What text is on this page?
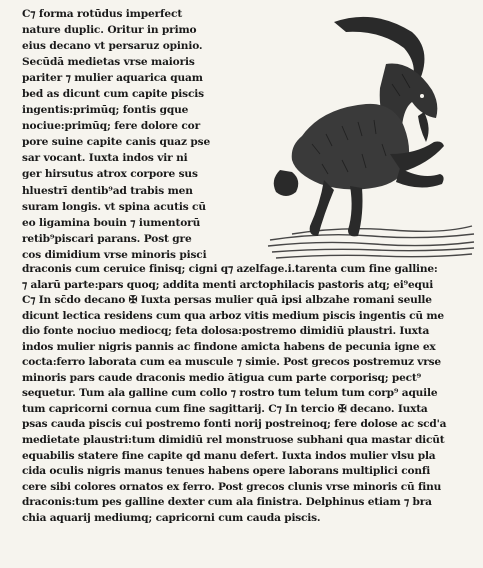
C⁊ forma rotūdus imperfect
nature duplic. Oritur in primo
eius decano vt persaruz opinio.
Secūdā medietas vrse maioris
pariter ⁊ mulier aquarica quam
bed as dicunt cum capite piscis
ingentis:primūq; fontis gque
nociue:primūq; fere dolore cor
pore suine capite canis quaz pse
sar vocant. Iuxta indos vir ni
ger hirsutus atrox corpore sus
hluestrī dentib⁹ad trabis men
suram longis. vt spina acutis cū
eo ligamina bouin ⁊ iumentorū
retib⁹piscari parans. Post gre
cos dimidium vrse minoris pisci
draconis cum ceruice finisq; cigni q⁊ azelfage.i.tarenta cum fine galline:
⁊ alarū parte:pars quoq; addita menti arctophilacis pastoris atq; ei⁹equi
C⁊ In sc̄do decano ✠ Iuxta persas mulier quā ipsi albzahe romani seulle
dicunt lectica residens cum qua arboz vitis medium piscis ingentis cū me
dio fonte nociuo mediocq; feta dolosa:postremo dimidiū plaustri. Iuxta
indos mulier nigris pannis ac findone amicta habens de pecunia igne ex
cocta:ferro laborata cum ea muscule ⁊ simie. Post grecos postremuz vrse
minoris pars caude draconis medio ātigua cum parte corporisq; pect⁹
sequetur. Tum ala galline cum collo ⁊ rostro tum telum tum corp⁹ aquile
tum capricorni cornua cum fine sagittarij. C⁊ In tercio ✠ decano. Iuxta
psas cauda piscis cui postremo fonti norij postreinoq; fere dolose ac scd'a
medietate plaustri:tum dimidiū rel monstruose subhani qua mastar dicūt
equabilis statere fine capite qd manu defert. Iuxta indos mulier vlsu pla
cida oculis nigris manus tenues habens opere laborans multiplici confi
cere sibi colores ornatos ex ferro. Post grecos clunis vrse minoris cū finu
draconis:tum pes galline dexter cum ala finistra. Delphinus etiam ⁊ bra
chia aquarij mediumq; capricorni cum cauda piscis.
